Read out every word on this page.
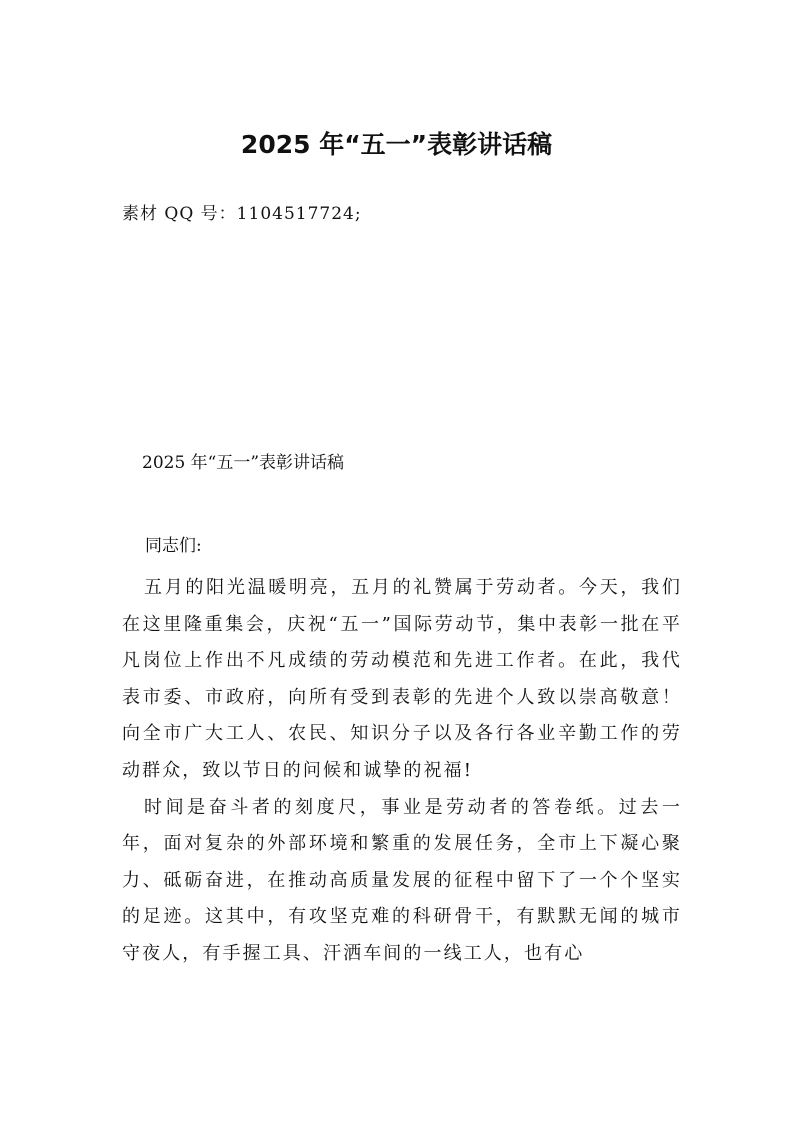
2025 年“五一”表彰讲话稿
素材 QQ 号：1104517724;
2025 年“五一”表彰讲话稿
同志们:

五月的阳光温暖明亮，五月的礼赞属于劳动者。今天，我们在这里隆重集会，庆祝“五一”国际劳动节，集中表彰一批在平凡岗位上作出不凡成绩的劳动模范和先进工作者。在此，我代表市委、市政府，向所有受到表彰的先进个人致以崇高敬意！向全市广大工人、农民、知识分子以及各行各业辛勤工作的劳动群众，致以节日的问候和诚挚的祝福!

时间是奋斗者的刻度尺，事业是劳动者的答卷纸。过去一年，面对复杂的外部环境和繁重的发展任务，全市上下凝心聚力、砥砺奋进，在推动高质量发展的征程中留下了一个个坚实的足迹。这其中，有攻坚克难的科研骨干，有默默无闻的城市守夜人，有手握工具、汗洒车间的一线工人，也有心
